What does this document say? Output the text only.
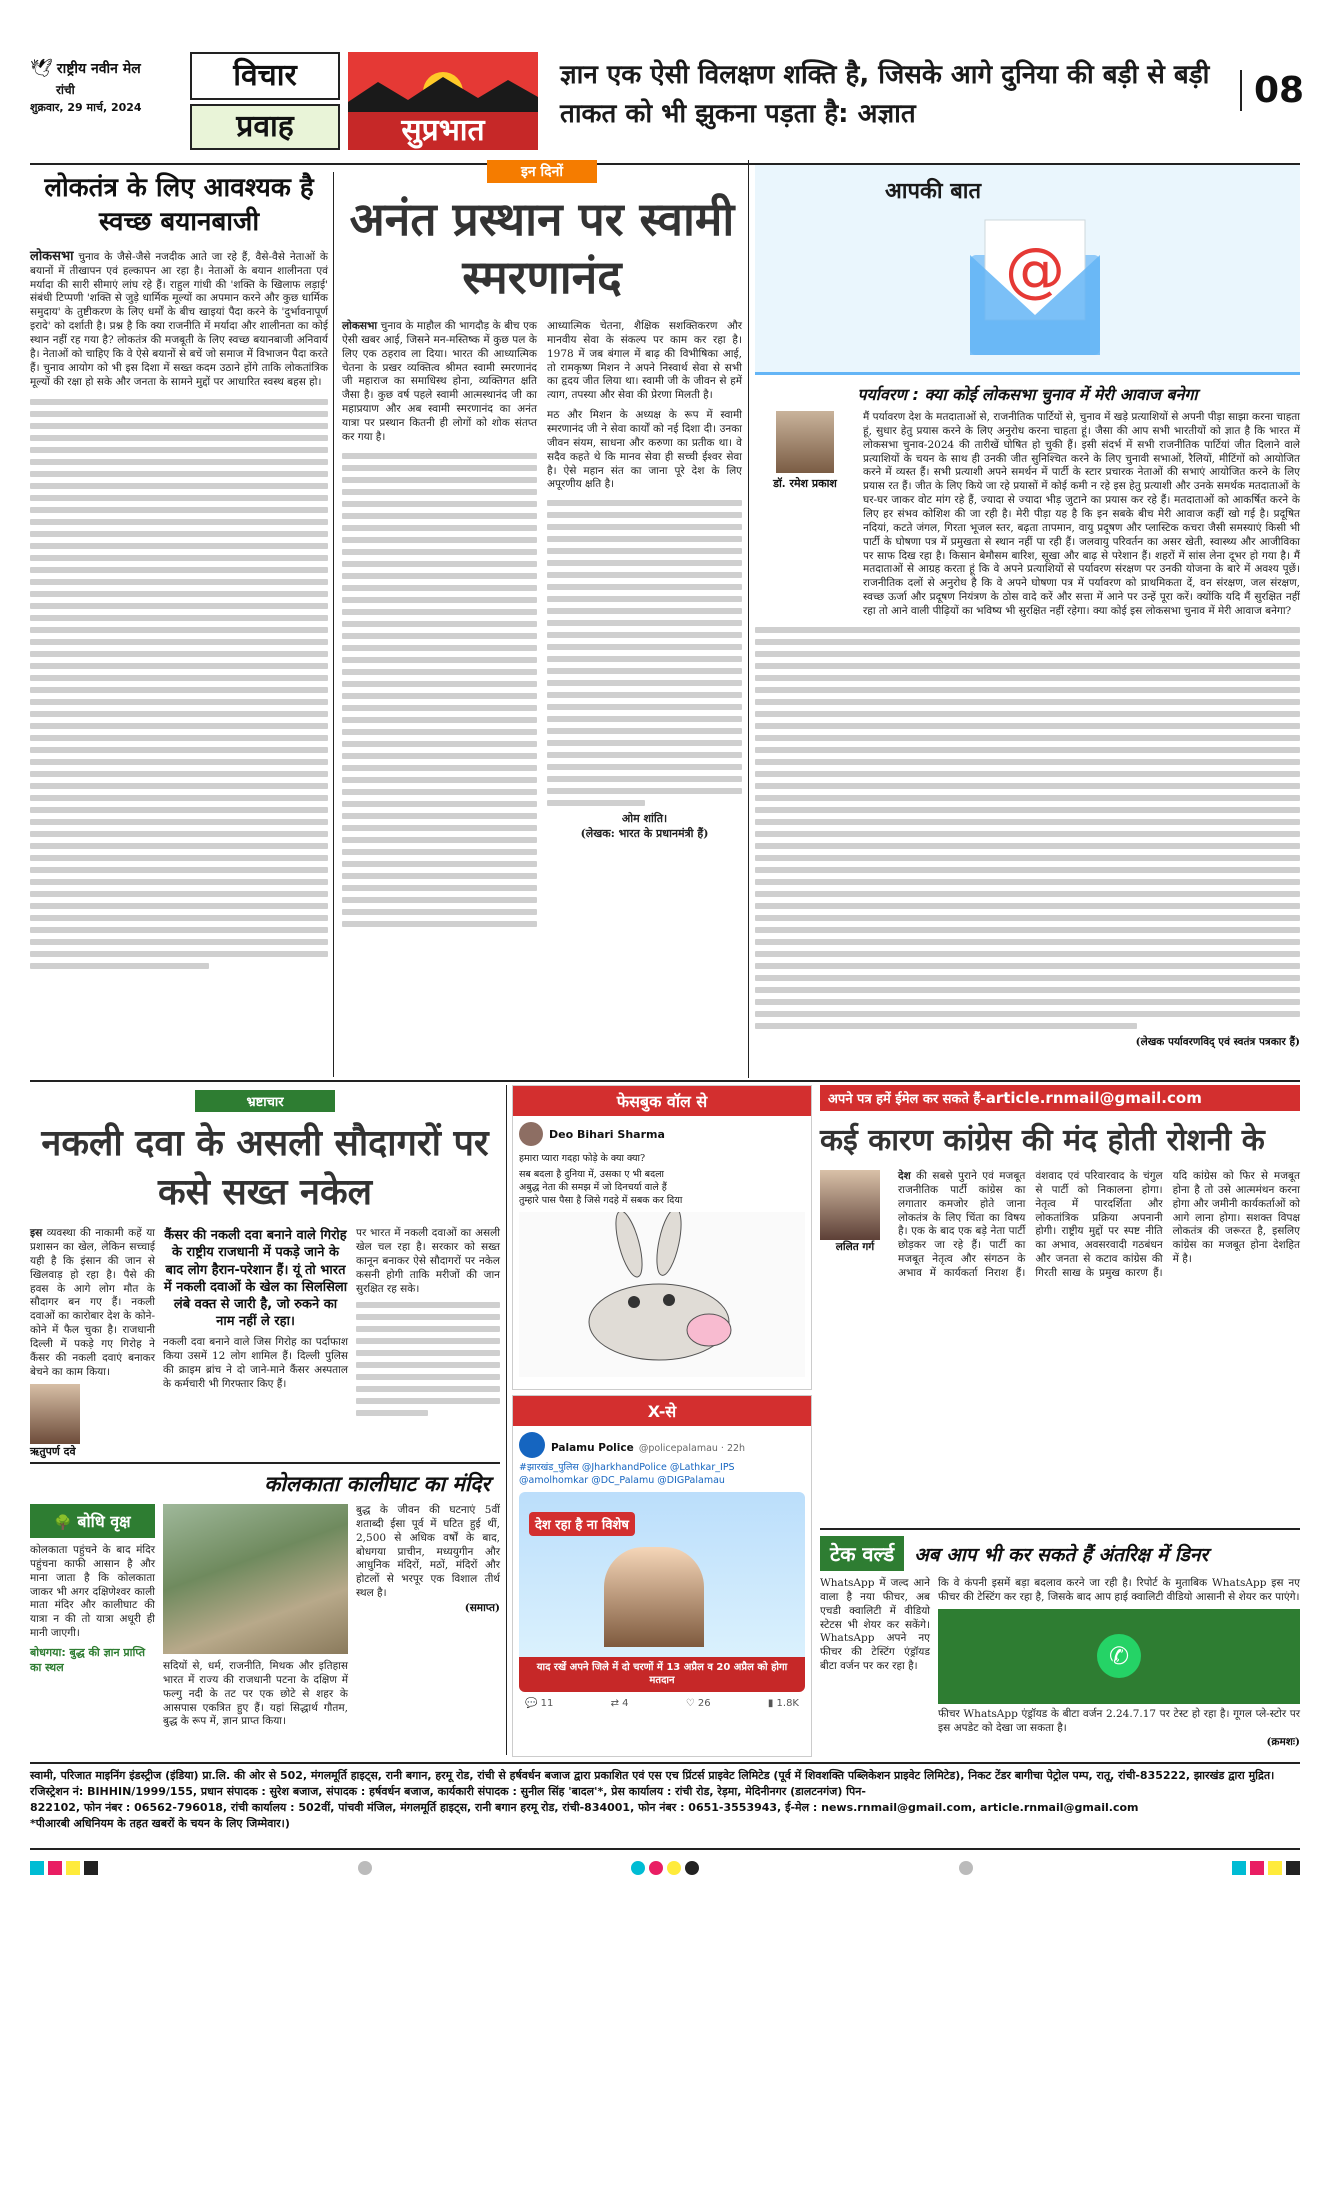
🕊 राष्ट्रीय नवीन मेल
रांची
शुक्रवार, 29 मार्च, 2024
विचार
प्रवाह	सुप्रभात
ज्ञान एक ऐसी विलक्षण शक्ति है, जिसके आगे दुनिया की बड़ी से बड़ी ताकत को भी झुकना पड़ता है: अज्ञात
08
लोकतंत्र के लिए आवश्यक है स्वच्छ बयानबाजी
लोकसभा चुनाव के जैसे-जैसे नजदीक आते जा रहे हैं, वैसे-वैसे नेताओं के बयानों में तीखापन एवं हल्कापन आ रहा है। नेताओं के बयान शालीनता एवं मर्यादा की सारी सीमाएं लांघ रहे हैं। राहुल गांधी की 'शक्ति के खिलाफ लड़ाई' संबंधी टिप्पणी 'शक्ति से जुड़े धार्मिक मूल्यों का अपमान करने और कुछ धार्मिक समुदाय' के तुष्टीकरण के लिए धर्मों के बीच खाइयां पैदा करने के 'दुर्भावनापूर्ण इरादे' को दर्शाती है। प्रश्न है कि क्या राजनीति में मर्यादा और शालीनता का कोई स्थान नहीं रह गया है? लोकतंत्र की मजबूती के लिए स्वच्छ बयानबाजी अनिवार्य है। नेताओं को चाहिए कि वे ऐसे बयानों से बचें जो समाज में विभाजन पैदा करते हैं। चुनाव आयोग को भी इस दिशा में सख्त कदम उठाने होंगे ताकि लोकतांत्रिक मूल्यों की रक्षा हो सके और जनता के सामने मुद्दों पर आधारित स्वस्थ बहस हो।
इन दिनों
अनंत प्रस्थान पर स्वामी स्मरणानंद
लोकसभा चुनाव के माहौल की भागदौड़ के बीच एक ऐसी खबर आई, जिसने मन-मस्तिष्क में कुछ पल के लिए एक ठहराव ला दिया। भारत की आध्यात्मिक चेतना के प्रखर व्यक्तित्व श्रीमत स्वामी स्मरणानंद जी महाराज का समाधिस्थ होना, व्यक्तिगत क्षति जैसा है। कुछ वर्ष पहले स्वामी आत्मस्थानंद जी का महाप्रयाण और अब स्वामी स्मरणानंद का अनंत यात्रा पर प्रस्थान कितनी ही लोगों को शोक संतप्त कर गया है।
आध्यात्मिक चेतना, शैक्षिक सशक्तिकरण और मानवीय सेवा के संकल्प पर काम कर रहा है। 1978 में जब बंगाल में बाढ़ की विभीषिका आई, तो रामकृष्ण मिशन ने अपने निस्वार्थ सेवा से सभी का हृदय जीत लिया था। स्वामी जी के जीवन से हमें त्याग, तपस्या और सेवा की प्रेरणा मिलती है।

मठ और मिशन के अध्यक्ष के रूप में स्वामी स्मरणानंद जी ने सेवा कार्यों को नई दिशा दी। उनका जीवन संयम, साधना और करुणा का प्रतीक था। वे सदैव कहते थे कि मानव सेवा ही सच्ची ईश्वर सेवा है। ऐसे महान संत का जाना पूरे देश के लिए अपूरणीय क्षति है।

ओम शांति।
(लेखक: भारत के प्रधानमंत्री हैं)
आपकी बात
@
पर्यावरण : क्या कोई लोकसभा चुनाव में मेरी आवाज बनेगा
डॉ. रमेश प्रकाश
मैं पर्यावरण देश के मतदाताओं से, राजनीतिक पार्टियों से, चुनाव में खड़े प्रत्याशियों से अपनी पीड़ा साझा करना चाहता हूं, सुधार हेतु प्रयास करने के लिए अनुरोध करना चाहता हूं। जैसा की आप सभी भारतीयों को ज्ञात है कि भारत में लोकसभा चुनाव-2024 की तारीखें घोषित हो चुकी हैं। इसी संदर्भ में सभी राजनीतिक पार्टियां जीत दिलाने वाले प्रत्याशियों के चयन के साथ ही उनकी जीत सुनिश्चित करने के लिए चुनावी सभाओं, रैलियों, मीटिंगों को आयोजित करने में व्यस्त हैं। सभी प्रत्याशी अपने समर्थन में पार्टी के स्टार प्रचारक नेताओं की सभाएं आयोजित करने के लिए प्रयास रत हैं। जीत के लिए किये जा रहे प्रयासों में कोई कमी न रहे इस हेतु प्रत्याशी और उनके समर्थक मतदाताओं के घर-घर जाकर वोट मांग रहे हैं, ज्यादा से ज्यादा भीड़ जुटाने का प्रयास कर रहे हैं। मतदाताओं को आकर्षित करने के लिए हर संभव कोशिश की जा रही है। मेरी पीड़ा यह है कि इन सबके बीच मेरी आवाज कहीं खो गई है। प्रदूषित नदियां, कटते जंगल, गिरता भूजल स्तर, बढ़ता तापमान, वायु प्रदूषण और प्लास्टिक कचरा जैसी समस्याएं किसी भी पार्टी के घोषणा पत्र में प्रमुखता से स्थान नहीं पा रही हैं। जलवायु परिवर्तन का असर खेती, स्वास्थ्य और आजीविका पर साफ दिख रहा है। किसान बेमौसम बारिश, सूखा और बाढ़ से परेशान हैं। शहरों में सांस लेना दूभर हो गया है। मैं मतदाताओं से आग्रह करता हूं कि वे अपने प्रत्याशियों से पर्यावरण संरक्षण पर उनकी योजना के बारे में अवश्य पूछें। राजनीतिक दलों से अनुरोध है कि वे अपने घोषणा पत्र में पर्यावरण को प्राथमिकता दें, वन संरक्षण, जल संरक्षण, स्वच्छ ऊर्जा और प्रदूषण नियंत्रण के ठोस वादे करें और सत्ता में आने पर उन्हें पूरा करें। क्योंकि यदि मैं सुरक्षित नहीं रहा तो आने वाली पीढ़ियों का भविष्य भी सुरक्षित नहीं रहेगा। क्या कोई इस लोकसभा चुनाव में मेरी आवाज बनेगा?
(लेखक पर्यावरणविद् एवं स्वतंत्र पत्रकार हैं)
भ्रष्टाचार
नकली दवा के असली सौदागरों पर कसे सख्त नकेल
इस व्यवस्था की नाकामी कहें या प्रशासन का खेल, लेकिन सच्चाई यही है कि इंसान की जान से खिलवाड़ हो रहा है। पैसे की हवस के आगे लोग मौत के सौदागर बन गए हैं। नकली दवाओं का कारोबार देश के कोने-कोने में फैल चुका है। राजधानी दिल्ली में पकड़े गए गिरोह ने कैंसर की नकली दवाएं बनाकर बेचने का काम किया।
ऋतुपर्ण दवे
कैंसर की नकली दवा बनाने वाले गिरोह के राष्ट्रीय राजधानी में पकड़े जाने के बाद लोग हैरान-परेशान हैं। यूं तो भारत में नकली दवाओं के खेल का सिलसिला लंबे वक्त से जारी है, जो रुकने का नाम नहीं ले रहा।
नकली दवा बनाने वाले जिस गिरोह का पर्दाफाश किया उसमें 12 लोग शामिल हैं। दिल्ली पुलिस की क्राइम ब्रांच ने दो जाने-माने कैंसर अस्पताल के कर्मचारी भी गिरफ्तार किए हैं।
पर भारत में नकली दवाओं का असली खेल चल रहा है। सरकार को सख्त कानून बनाकर ऐसे सौदागरों पर नकेल कसनी होगी ताकि मरीजों की जान सुरक्षित रह सके।
कोलकाता कालीघाट का मंदिर
🌳 बोधि वृक्ष
कोलकाता पहुंचने के बाद मंदिर पहुंचना काफी आसान है और माना जाता है कि कोलकाता जाकर भी अगर दक्षिणेश्वर काली माता मंदिर और कालीघाट की यात्रा न की तो यात्रा अधूरी ही मानी जाएगी।
बोधगया: बुद्ध की ज्ञान प्राप्ति का स्थल	सदियों से, धर्म, राजनीति, मिथक और इतिहास भारत में राज्य की राजधानी पटना के दक्षिण में फल्गु नदी के तट पर एक छोटे से शहर के आसपास एकत्रित हुए हैं। यहां सिद्धार्थ गौतम, बुद्ध के रूप में, ज्ञान प्राप्त किया।
बुद्ध के जीवन की घटनाएं 5वीं शताब्दी ईसा पूर्व में घटित हुई थीं, 2,500 से अधिक वर्षों के बाद, बोधगया प्राचीन, मध्ययुगीन और आधुनिक मंदिरों, मठों, मंदिरों और होटलों से भरपूर एक विशाल तीर्थ स्थल है।
(समाप्त)
फेसबुक वॉल से
Deo Bihari Sharma
हमारा प्यारा गदहा फोड़े के क्या क्या?
सब बदला है दुनिया में, उसका ए भी बदला
अबुद्ध नेता की समझ में जो दिनचर्या वाले हैं
तुम्हारे पास पैसा है जिसे गदहे में सबक कर दिया
X-से
Palamu Police @policepalamau · 22h
#झारखंड_पुलिस @JharkhandPolice @Lathkar_IPS @amolhomkar @DC_Palamu @DIGPalamau
देश रहा है ना विशेष
याद रखें अपने जिले में दो चरणों में 13 अप्रैल व 20 अप्रैल को होगा मतदान
💬 11	⇄ 4	♡ 26	▮ 1.8K
अपने पत्र हमें ईमेल कर सकते हैं-article.rnmail@gmail.com
कई कारण कांग्रेस की मंद होती रोशनी के
ललित गर्ग
देश की सबसे पुराने एवं मजबूत राजनीतिक पार्टी कांग्रेस का लगातार कमजोर होते जाना लोकतंत्र के लिए चिंता का विषय है। एक के बाद एक बड़े नेता पार्टी छोड़कर जा रहे हैं। पार्टी का मजबूत नेतृत्व और संगठन के अभाव में कार्यकर्ता निराश हैं। वंशवाद एवं परिवारवाद के चंगुल से पार्टी को निकालना होगा। नेतृत्व में पारदर्शिता और लोकतांत्रिक प्रक्रिया अपनानी होगी। राष्ट्रीय मुद्दों पर स्पष्ट नीति का अभाव, अवसरवादी गठबंधन और जनता से कटाव कांग्रेस की गिरती साख के प्रमुख कारण हैं। यदि कांग्रेस को फिर से मजबूत होना है तो उसे आत्ममंथन करना होगा और जमीनी कार्यकर्ताओं को आगे लाना होगा। सशक्त विपक्ष लोकतंत्र की जरूरत है, इसलिए कांग्रेस का मजबूत होना देशहित में है।
टेक वर्ल्ड	अब आप भी कर सकते हैं अंतरिक्ष में डिनर
WhatsApp में जल्द आने वाला है नया फीचर, अब एचडी क्वालिटी में वीडियो स्टेटस भी शेयर कर सकेंगे। WhatsApp अपने नए फीचर की टेस्टिंग एंड्रॉयड बीटा वर्जन पर कर रहा है।
कि वे कंपनी इसमें बड़ा बदलाव करने जा रही है। रिपोर्ट के मुताबिक WhatsApp इस नए फीचर की टेस्टिंग कर रहा है, जिसके बाद आप हाई क्वालिटी वीडियो आसानी से शेयर कर पाएंगे।
✆
फीचर WhatsApp एंड्रॉयड के बीटा वर्जन 2.24.7.17 पर टेस्ट हो रहा है। गूगल प्ले-स्टोर पर इस अपडेट को देखा जा सकता है।
(क्रमशः)
स्वामी, परिजात माइनिंग इंडस्ट्रीज (इंडिया) प्रा.लि. की ओर से 502, मंगलमूर्ति हाइट्स, रानी बगान, हरमू रोड, रांची से हर्षवर्धन बजाज द्वारा प्रकाशित एवं एस एच प्रिंटर्स प्राइवेट लिमिटेड (पूर्व में शिवशक्ति पब्लिकेशन प्राइवेट लिमिटेड), निकट टेंडर बागीचा पेट्रोल पम्प, रातू, रांची-835222, झारखंड द्वारा मुद्रित। रजिस्ट्रेशन नं: BIHHIN/1999/155, प्रधान संपादक : सुरेश बजाज, संपादक : हर्षवर्धन बजाज, कार्यकारी संपादक : सुनील सिंह 'बादल'*, प्रेस कार्यालय : रांची रोड, रेड़मा, मेदिनीनगर (डालटनगंज) पिन-
822102, फोन नंबर : 06562-796018, रांची कार्यालय : 502वीं, पांचवी मंजिल, मंगलमूर्ति हाइट्स, रानी बगान हरमू रोड, रांची-834001, फोन नंबर : 0651-3553943, ई-मेल : news.rnmail@gmail.com, article.rnmail@gmail.com
*पीआरबी अधिनियम के तहत खबरों के चयन के लिए जिम्मेवार।)
